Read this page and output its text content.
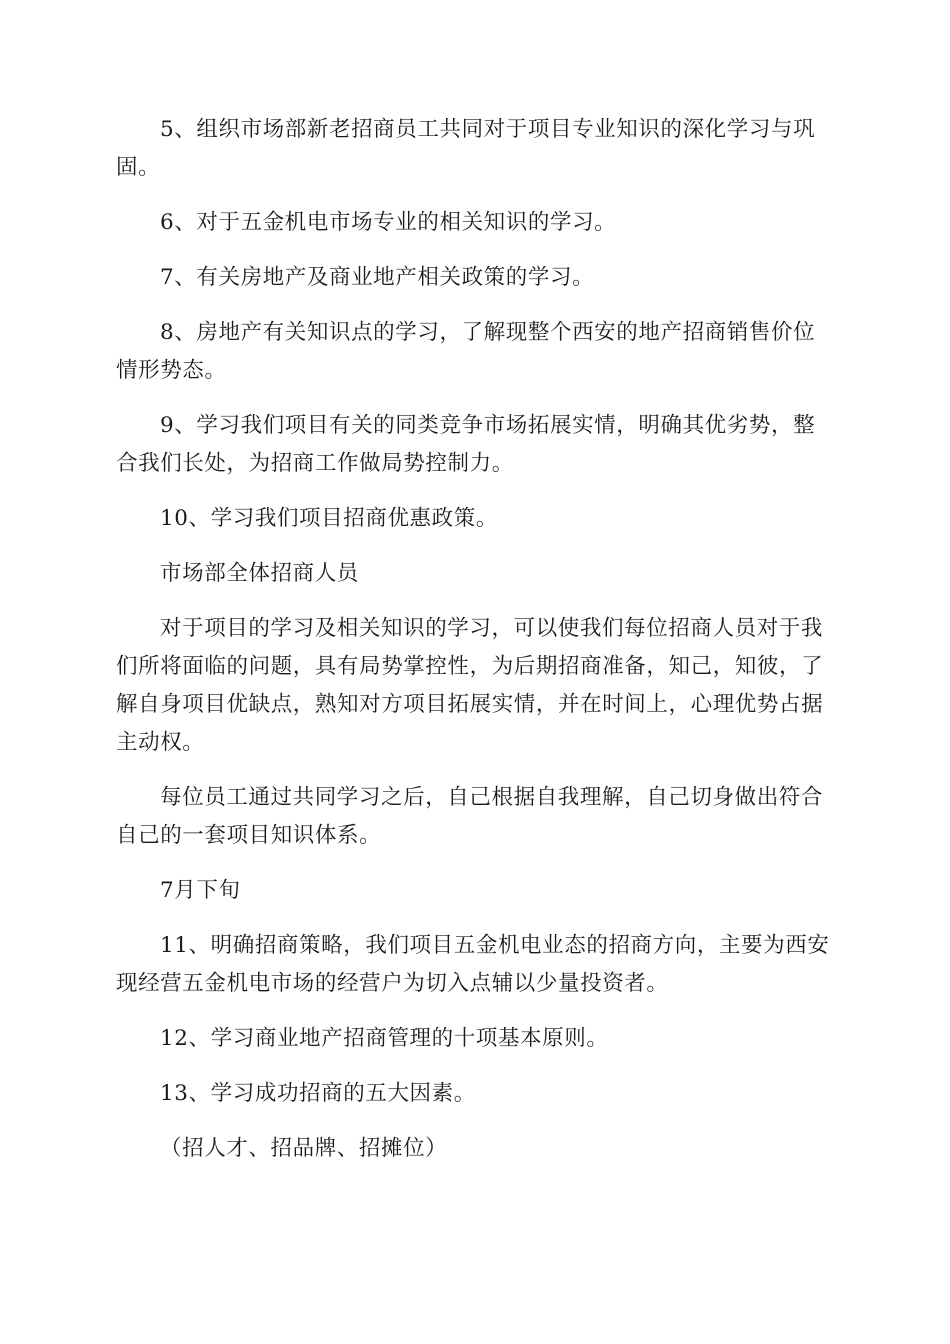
5、组织市场部新老招商员工共同对于项目专业知识的深化学习与巩固。

6、对于五金机电市场专业的相关知识的学习。

7、有关房地产及商业地产相关政策的学习。

8、房地产有关知识点的学习，了解现整个西安的地产招商销售价位情形势态。

9、学习我们项目有关的同类竞争市场拓展实情，明确其优劣势，整合我们长处，为招商工作做局势控制力。

10、学习我们项目招商优惠政策。

市场部全体招商人员

对于项目的学习及相关知识的学习，可以使我们每位招商人员对于我们所将面临的问题，具有局势掌控性，为后期招商准备，知己，知彼，了解自身项目优缺点，熟知对方项目拓展实情，并在时间上，心理优势占据主动权。

每位员工通过共同学习之后，自己根据自我理解，自己切身做出符合自己的一套项目知识体系。

7月下旬

11、明确招商策略，我们项目五金机电业态的招商方向，主要为西安现经营五金机电市场的经营户为切入点辅以少量投资者。

12、学习商业地产招商管理的十项基本原则。

13、学习成功招商的五大因素。

（招人才、招品牌、招摊位）
